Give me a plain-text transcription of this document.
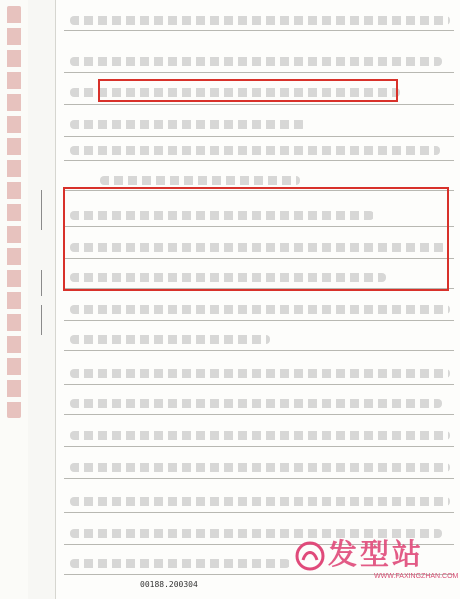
00188.200304
发型站
WWW.FAXINGZHAN.COM
